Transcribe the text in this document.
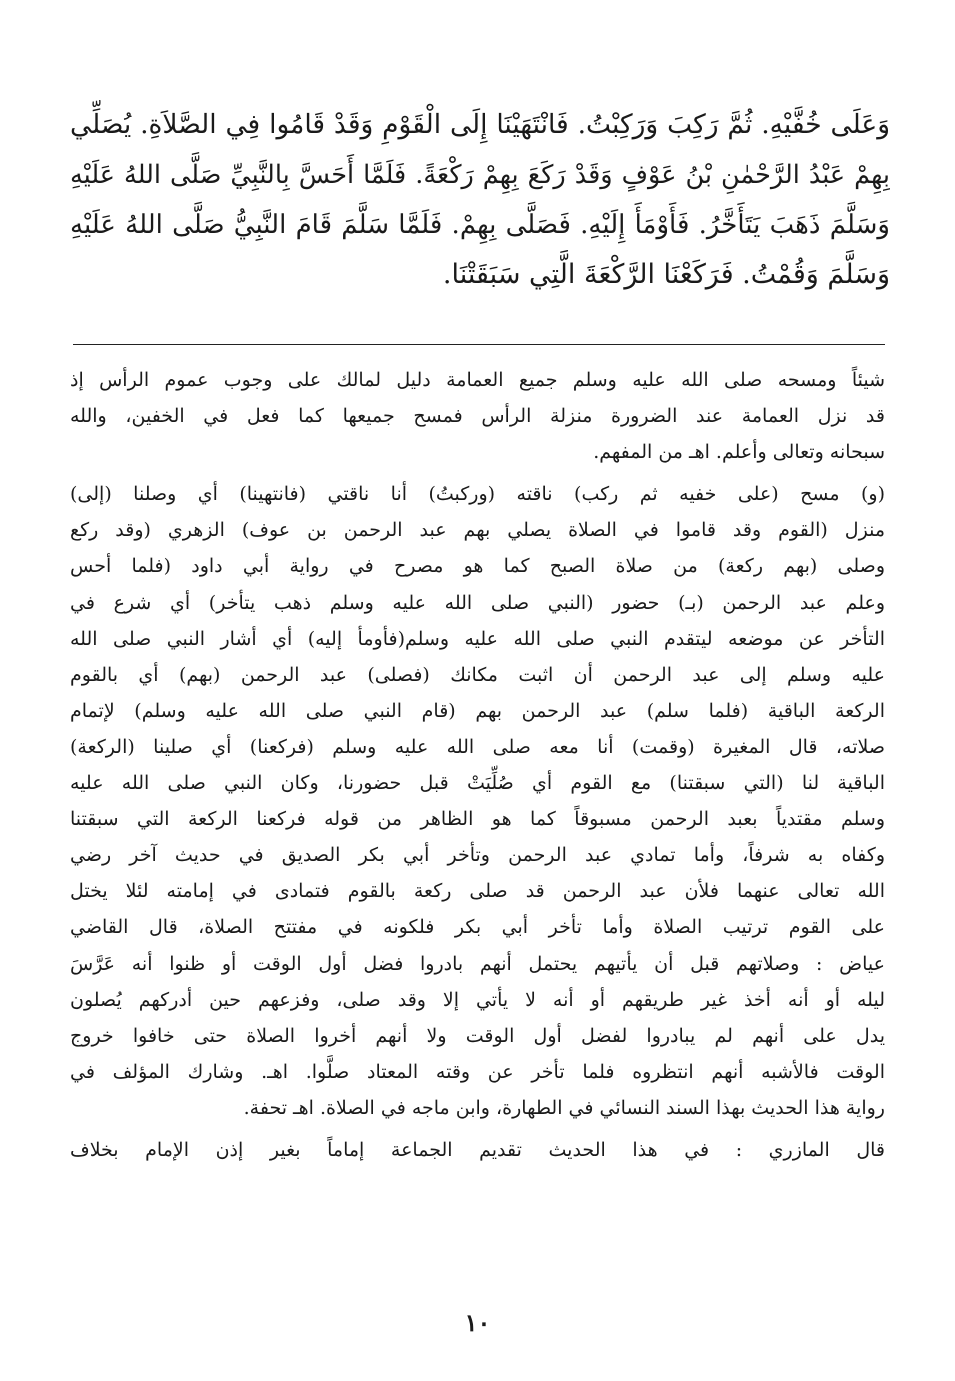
وَعَلَى خُفَّيْهِ. ثُمَّ رَكِبَ وَرَكِبْتُ. فَانْتَهَيْنَا إِلَى الْقَوْمِ وَقَدْ قَامُوا فِي الصَّلاَةِ. يُصَلِّي
بِهِمْ عَبْدُ الرَّحْمٰنِ بْنُ عَوْفٍ وَقَدْ رَكَعَ بِهِمْ رَكْعَةً. فَلَمَّا أَحَسَّ بِالنَّبِيِّ صَلَّى اللهُ عَلَيْهِ
وَسَلَّمَ ذَهَبَ يَتَأَخَّرُ. فَأَوْمَأَ إِلَيْهِ. فَصَلَّى بِهِمْ. فَلَمَّا سَلَّمَ قَامَ النَّبِيُّ صَلَّى اللهُ عَلَيْهِ
وَسَلَّمَ وَقُمْتُ. فَرَكَعْنَا الرَّكْعَةَ الَّتِي سَبَقَتْنَا.
شيئاً ومسحه صلى الله عليه وسلم جميع العمامة دليل لمالك على وجوب عموم الرأس إذ
قد نزل العمامة عند الضرورة منزلة الرأس فمسح جميعها كما فعل في الخفين، والله
سبحانه وتعالى وأعلم. اهـ من المفهم.
(و) مسح (على خفيه ثم ركب) ناقته (وركبتُ) أنا ناقتي (فانتهينا) أي وصلنا (إلى)
منزل (القوم وقد قاموا في الصلاة يصلي بهم عبد الرحمن بن عوف) الزهري (وقد ركع
وصلى (بهم ركعة) من صلاة الصبح كما هو مصرح في رواية أبي داود (فلما أحس
وعلم عبد الرحمن (بـ) حضور (النبي صلى الله عليه وسلم ذهب يتأخر) أي شرع في
التأخر عن موضعه ليتقدم النبي صلى الله عليه وسلم(فأومأ إليه) أي أشار النبي صلى الله
عليه وسلم إلى عبد الرحمن أن اثبت مكانك (فصلى) عبد الرحمن (بهم) أي بالقوم
الركعة الباقية (فلما سلم) عبد الرحمن بهم (قام النبي صلى الله عليه وسلم) لإتمام
صلاته، قال المغيرة (وقمت) أنا معه صلى الله عليه وسلم (فركعنا) أي صلينا (الركعة)
الباقية لنا (التي سبقتنا) مع القوم أي صُلِّيَتْ قبل حضورنا، وكان النبي صلى الله عليه
وسلم مقتدياً بعبد الرحمن مسبوقاً كما هو الظاهر من قوله فركعنا الركعة التي سبقتنا
وكفاه به شرفاً، وأما تمادي عبد الرحمن وتأخر أبي بكر الصديق في حديث آخر رضي
الله تعالى عنهما فلأن عبد الرحمن قد صلى ركعة بالقوم فتمادى في إمامته لئلا يختل
على القوم ترتيب الصلاة وأما تأخر أبي بكر فلكونه في مفتتح الصلاة، قال القاضي
عياض : وصلاتهم قبل أن يأتيهم يحتمل أنهم بادروا فضل أول الوقت أو ظنوا أنه عَرَّسَ
ليله أو أنه أخذ غير طريقهم أو أنه لا يأتي إلا وقد صلى، وفزعهم حين أدركهم يُصلون
يدل على أنهم لم يبادروا لفضل أول الوقت ولا أنهم أخروا الصلاة حتى خافوا خروج
الوقت فالأشبه أنهم انتظروه فلما تأخر عن وقته المعتاد صلَّوا. اهـ. وشارك المؤلف في
رواية هذا الحديث بهذا السند النسائي في الطهارة، وابن ماجه في الصلاة. اهـ تحفة.
قال المازري : في هذا الحديث تقديم الجماعة إماماً بغير إذن الإمام بخلاف
١٠
